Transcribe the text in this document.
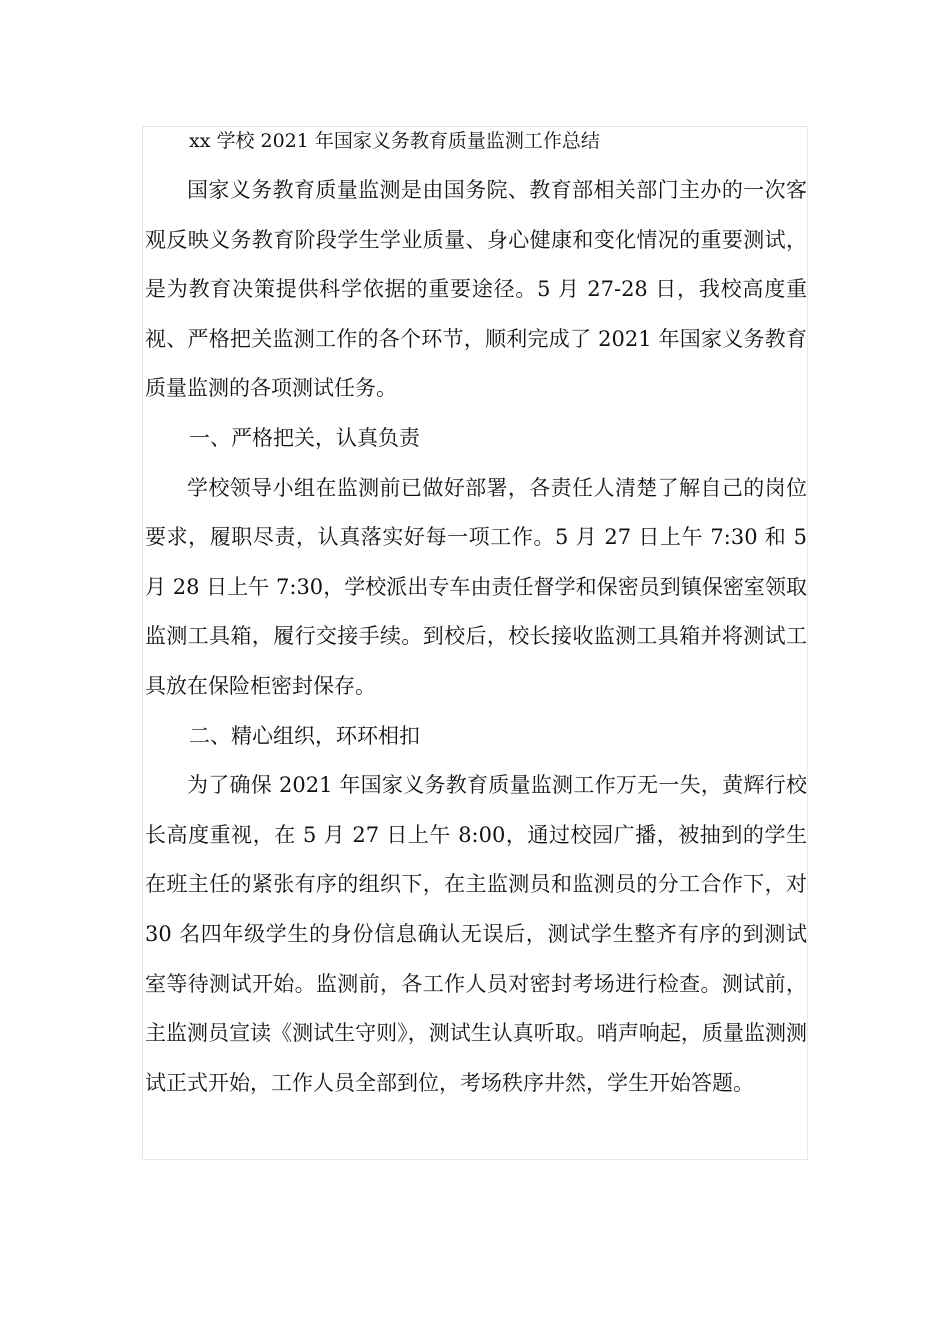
xx 学校 2021 年国家义务教育质量监测工作总结

国家义务教育质量监测是由国务院、教育部相关部门主办的一次客观反映义务教育阶段学生学业质量、身心健康和变化情况的重要测试，是为教育决策提供科学依据的重要途径。5 月 27-28 日，我校高度重视、严格把关监测工作的各个环节，顺利完成了 2021 年国家义务教育质量监测的各项测试任务。

一、严格把关，认真负责

学校领导小组在监测前已做好部署，各责任人清楚了解自己的岗位要求，履职尽责，认真落实好每一项工作。5 月 27 日上午 7:30 和 5 月 28 日上午 7:30，学校派出专车由责任督学和保密员到镇保密室领取监测工具箱，履行交接手续。到校后，校长接收监测工具箱并将测试工具放在保险柜密封保存。

二、精心组织，环环相扣

为了确保 2021 年国家义务教育质量监测工作万无一失，黄辉行校长高度重视，在 5 月 27 日上午 8:00，通过校园广播，被抽到的学生在班主任的紧张有序的组织下，在主监测员和监测员的分工合作下，对 30 名四年级学生的身份信息确认无误后，测试学生整齐有序的到测试室等待测试开始。监测前，各工作人员对密封考场进行检查。测试前，主监测员宣读《测试生守则》，测试生认真听取。哨声响起，质量监测测试正式开始，工作人员全部到位，考场秩序井然，学生开始答题。
